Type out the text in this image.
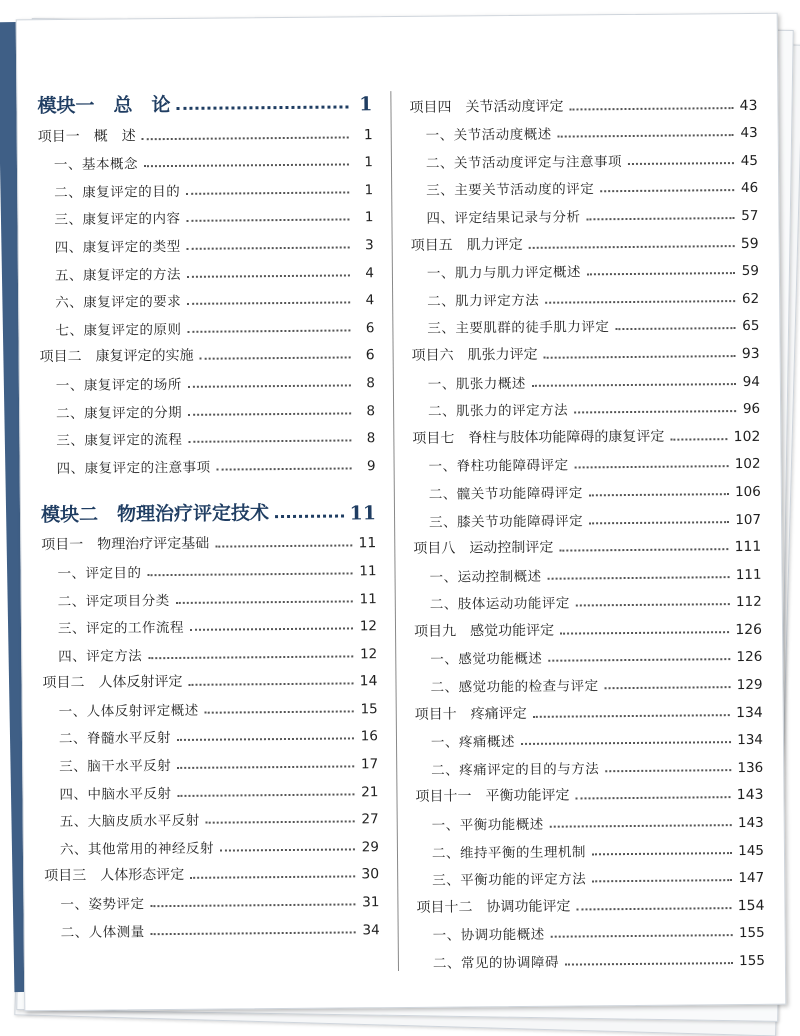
模块一　总　论	1
项目一　概　述	1
一、基本概念	1
二、康复评定的目的	1
三、康复评定的内容	1
四、康复评定的类型	3
五、康复评定的方法	4
六、康复评定的要求	4
七、康复评定的原则	6
项目二　康复评定的实施	6
一、康复评定的场所	8
二、康复评定的分期	8
三、康复评定的流程	8
四、康复评定的注意事项	9
模块二　物理治疗评定技术	11
项目一　物理治疗评定基础	11
一、评定目的	11
二、评定项目分类	11
三、评定的工作流程	12
四、评定方法	12
项目二　人体反射评定	14
一、人体反射评定概述	15
二、脊髓水平反射	16
三、脑干水平反射	17
四、中脑水平反射	21
五、大脑皮质水平反射	27
六、其他常用的神经反射	29
项目三　人体形态评定	30
一、姿势评定	31
二、人体测量	34
项目四　关节活动度评定	43
一、关节活动度概述	43
二、关节活动度评定与注意事项	45
三、主要关节活动度的评定	46
四、评定结果记录与分析	57
项目五　肌力评定	59
一、肌力与肌力评定概述	59
二、肌力评定方法	62
三、主要肌群的徒手肌力评定	65
项目六　肌张力评定	93
一、肌张力概述	94
二、肌张力的评定方法	96
项目七　脊柱与肢体功能障碍的康复评定	102
一、脊柱功能障碍评定	102
二、髋关节功能障碍评定	106
三、膝关节功能障碍评定	107
项目八　运动控制评定	111
一、运动控制概述	111
二、肢体运动功能评定	112
项目九　感觉功能评定	126
一、感觉功能概述	126
二、感觉功能的检查与评定	129
项目十　疼痛评定	134
一、疼痛概述	134
二、疼痛评定的目的与方法	136
项目十一　平衡功能评定	143
一、平衡功能概述	143
二、维持平衡的生理机制	145
三、平衡功能的评定方法	147
项目十二　协调功能评定	154
一、协调功能概述	155
二、常见的协调障碍	155
